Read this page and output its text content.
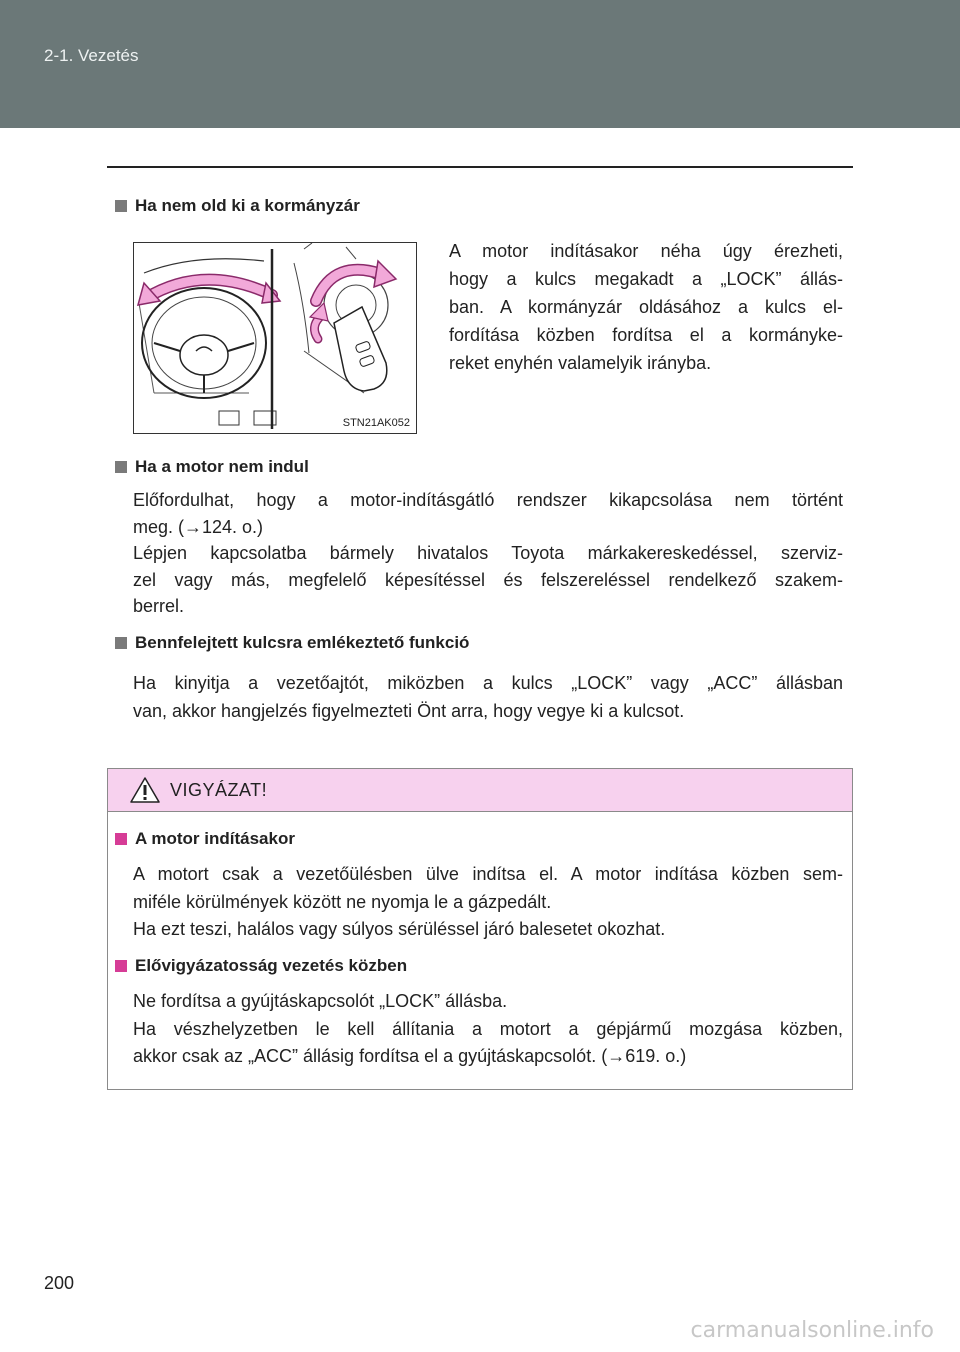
2-1. Vezetés
Ha nem old ki a kormányzár
STN21AK052
A motor indításakor néha úgy érezheti,
hogy a kulcs megakadt a „LOCK” állás-
ban. A kormányzár oldásához a kulcs el-
fordítása közben fordítsa el a kormányke-
reket enyhén valamelyik irányba.
Ha a motor nem indul
Előfordulhat, hogy a motor-indításgátló rendszer kikapcsolása nem történt
meg. (→124. o.)
Lépjen kapcsolatba bármely hivatalos Toyota márkakereskedéssel, szerviz-
zel vagy más, megfelelő képesítéssel és felszereléssel rendelkező szakem-
berrel.
Bennfelejtett kulcsra emlékeztető funkció
Ha kinyitja a vezetőajtót, miközben a kulcs „LOCK” vagy „ACC” állásban
van, akkor hangjelzés figyelmezteti Önt arra, hogy vegye ki a kulcsot.
VIGYÁZAT!
A motor indításakor
A motort csak a vezetőülésben ülve indítsa el. A motor indítása közben sem-
miféle körülmények között ne nyomja le a gázpedált.
Ha ezt teszi, halálos vagy súlyos sérüléssel járó balesetet okozhat.
Elővigyázatosság vezetés közben
Ne fordítsa a gyújtáskapcsolót „LOCK” állásba.
Ha vészhelyzetben le kell állítania a motort a gépjármű mozgása közben,
akkor csak az „ACC” állásig fordítsa el a gyújtáskapcsolót. (→619. o.)
200
carmanualsonline.info
